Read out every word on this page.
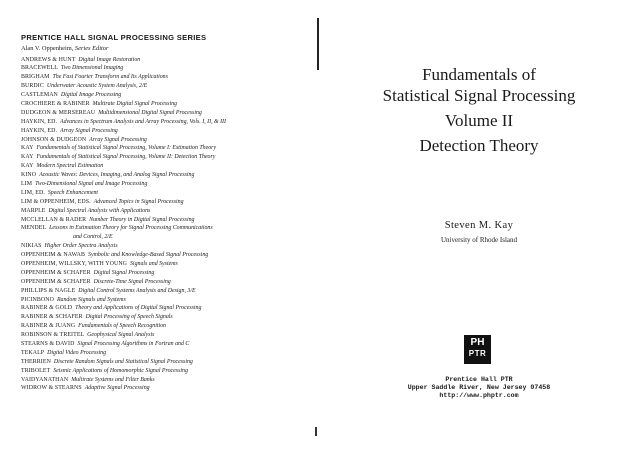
PRENTICE HALL SIGNAL PROCESSING SERIES
Alan V. Oppenheim, Series Editor
ANDREWS & HUNT Digital Image Restoration
BRACEWELL Two Dimensional Imaging
BRIGHAM The Fast Fourier Transform and Its Applications
BURDIC Underwater Acoustic System Analysis, 2/E
CASTLEMAN Digital Image Processing
CROCHIERE & RABINER Multirate Digital Signal Processing
DUDGEON & MERSEREAU Multidimensional Digital Signal Processing
HAYKIN, ED. Advances in Spectrum Analysis and Array Processing, Vols. I, II, & III
HAYKIN, ED. Array Signal Processing
JOHNSON & DUDGEON Array Signal Processing
KAY Fundamentals of Statistical Signal Processing, Volume I: Estimation Theory
KAY Fundamentals of Statistical Signal Processing, Volume II: Detection Theory
KAY Modern Spectral Estimation
KINO Acoustic Waves: Devices, Imaging, and Analog Signal Processing
LIM Two-Dimensional Signal and Image Processing
LIM, ED. Speech Enhancement
LIM & OPPENHEIM, EDS. Advanced Topics in Signal Processing
MARPLE Digital Spectral Analysis with Applications
MCCLELLAN & RADER Number Theory in Digital Signal Processing
MENDEL Lessons in Estimation Theory for Signal Processing Communications
and Control, 2/E
NIKIAS Higher Order Spectra Analysis
OPPENHEIM & NAWAB Symbolic and Knowledge-Based Signal Processing
OPPENHEIM, WILLSKY, WITH YOUNG Signals and Systems
OPPENHEIM & SCHAFER Digital Signal Processing
OPPENHEIM & SCHAFER Discrete-Time Signal Processing
PHILLIPS & NAGLE Digital Control Systems Analysis and Design, 3/E
PICINBONO Random Signals and Systems
RABINER & GOLD Theory and Applications of Digital Signal Processing
RABINER & SCHAFER Digital Processing of Speech Signals
RABINER & JUANG Fundamentals of Speech Recognition
ROBINSON & TREITEL Geophysical Signal Analysis
STEARNS & DAVID Signal Processing Algorithms in Fortran and C
TEKALP Digital Video Processing
THERRIEN Discrete Random Signals and Statistical Signal Processing
TRIBOLET Seismic Applications of Homomorphic Signal Processing
VAIDYANATHAN Multirate Systems and Filter Banks
WIDROW & STEARNS Adaptive Signal Processing
Fundamentals of
Statistical Signal Processing
Volume II
Detection Theory
Steven M. Kay
University of Rhode Island
PH
PTR
Prentice Hall PTR
Upper Saddle River, New Jersey 07458
http://www.phptr.com
